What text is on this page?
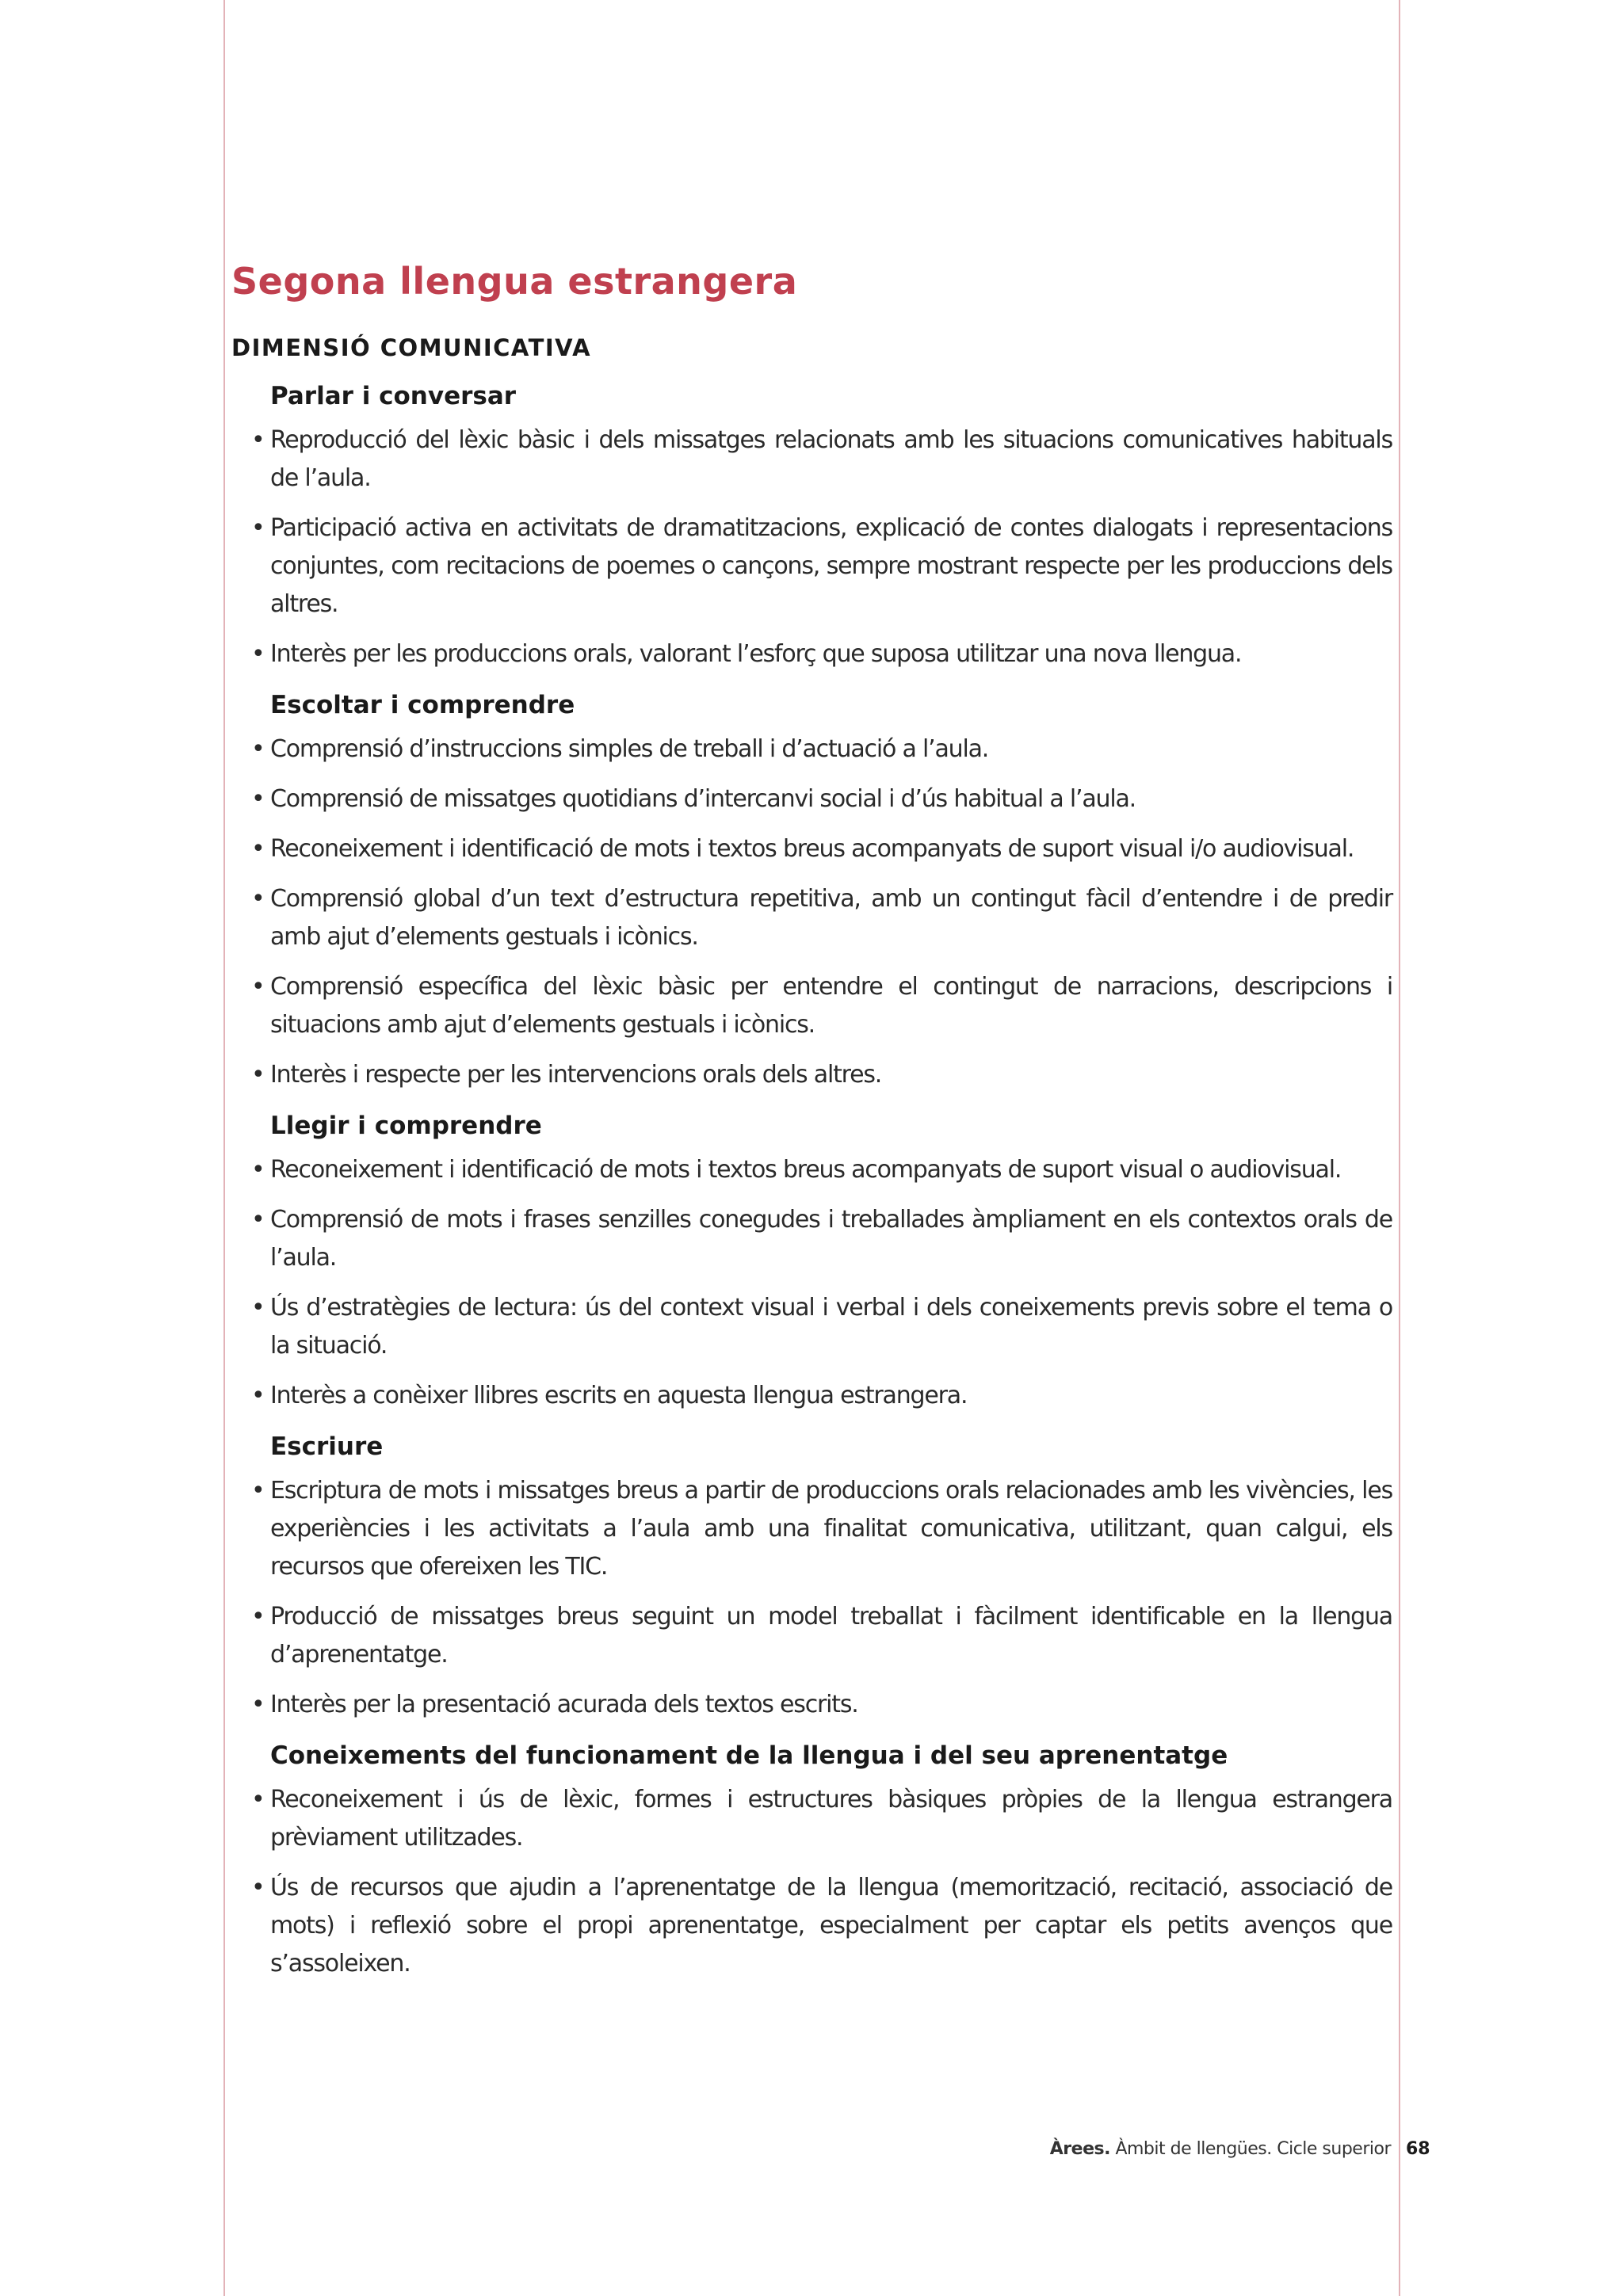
Segona llengua estrangera
DIMENSIÓ COMUNICATIVA
Parlar i conversar
• Reproducció del lèxic bàsic i dels missatges relacionats amb les situacions comunicatives habituals de l’aula.
• Participació activa en activitats de dramatitzacions, explicació de contes dialogats i representacions conjuntes, com recitacions de poemes o cançons, sempre mostrant respecte per les produccions dels altres.
• Interès per les produccions orals, valorant l’esforç que suposa utilitzar una nova llengua.
Escoltar i comprendre
• Comprensió d’instruccions simples de treball i d’actuació a l’aula.
• Comprensió de missatges quotidians d’intercanvi social i d’ús habitual a l’aula.
• Reconeixement i identificació de mots i textos breus acompanyats de suport visual i/o audiovisual.
• Comprensió global d’un text d’estructura repetitiva, amb un contingut fàcil d’entendre i de predir amb ajut d’elements gestuals i icònics.
• Comprensió específica del lèxic bàsic per entendre el contingut de narracions, descripcions i situacions amb ajut d’elements gestuals i icònics.
• Interès i respecte per les intervencions orals dels altres.
Llegir i comprendre
• Reconeixement i identificació de mots i textos breus acompanyats de suport visual o audiovisual.
• Comprensió de mots i frases senzilles conegudes i treballades àmpliament en els contextos orals de l’aula.
• Ús d’estratègies de lectura: ús del context visual i verbal i dels coneixements previs sobre el tema o la situació.
• Interès a conèixer llibres escrits en aquesta llengua estrangera.
Escriure
• Escriptura de mots i missatges breus a partir de produccions orals relacionades amb les vivències, les experiències i les activitats a l’aula amb una finalitat comunicativa, utilitzant, quan calgui, els recursos que ofereixen les TIC.
• Producció de missatges breus seguint un model treballat i fàcilment identificable en la llengua d’aprenentatge.
• Interès per la presentació acurada dels textos escrits.
Coneixements del funcionament de la llengua i del seu aprenentatge
• Reconeixement i ús de lèxic, formes i estructures bàsiques pròpies de la llengua estrangera prèviament utilitzades.
• Ús de recursos que ajudin a l’aprenentatge de la llengua (memorització, recitació, associació de mots) i reflexió sobre el propi aprenentatge, especialment per captar els petits avenços que s’assoleixen.
Àrees. Àmbit de llengües. Cicle superior 68
